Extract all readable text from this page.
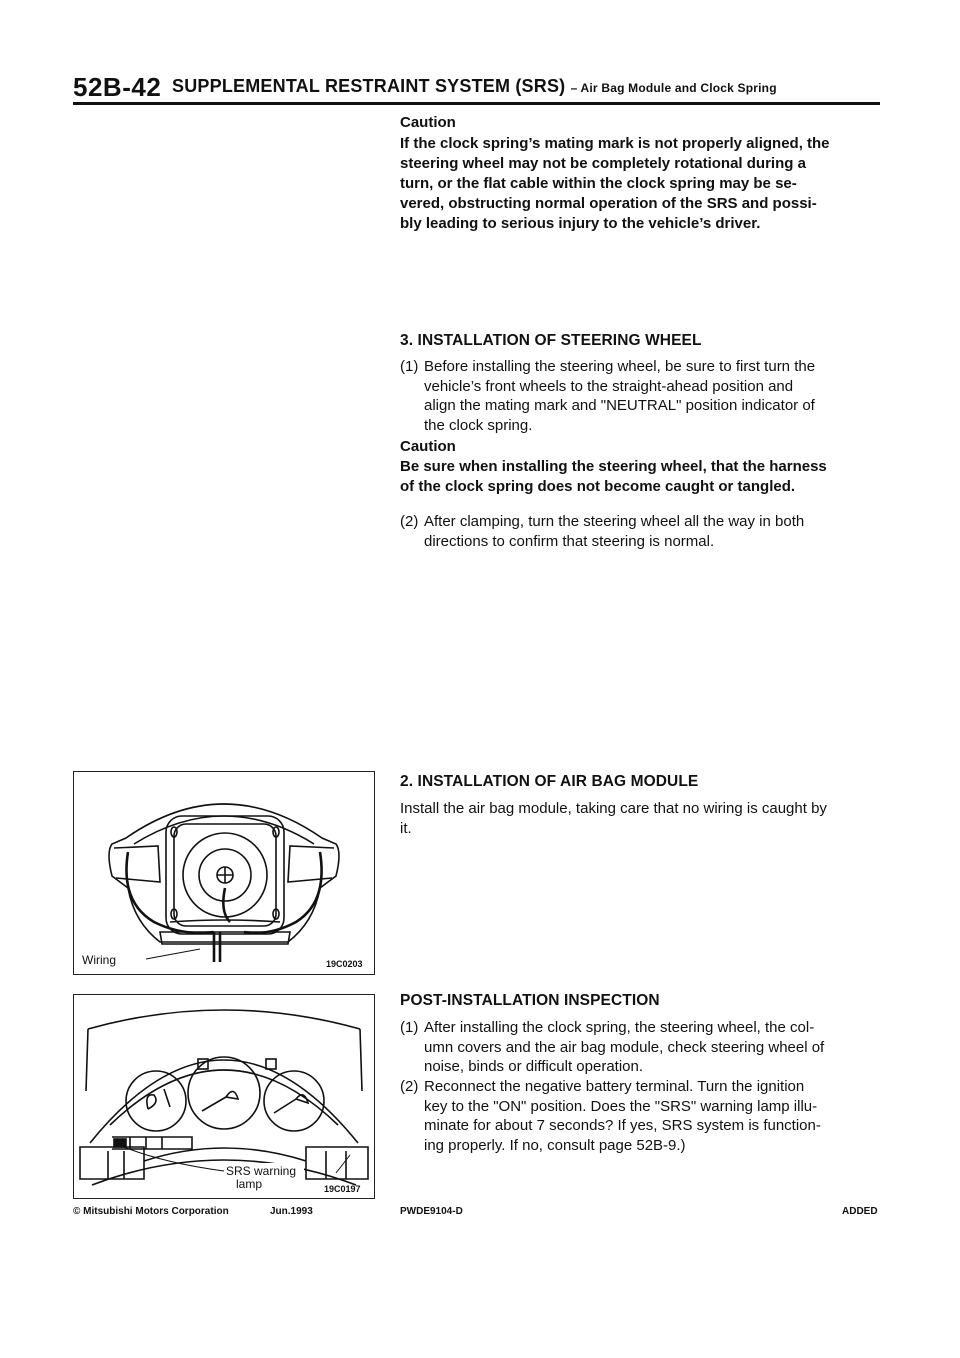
52B-42 SUPPLEMENTAL RESTRAINT SYSTEM (SRS) – Air Bag Module and Clock Spring
Caution
If the clock spring’s mating mark is not properly aligned, the
steering wheel may not be completely rotational during a
turn, or the flat cable within the clock spring may be se-
vered, obstructing normal operation of the SRS and possi-
bly leading to serious injury to the vehicle’s driver.
3. INSTALLATION OF STEERING WHEEL
(1) Before installing the steering wheel, be sure to first turn the
vehicle’s front wheels to the straight-ahead position and
align the mating mark and "NEUTRAL" position indicator of
the clock spring.
Caution
Be sure when installing the steering wheel, that the harness
of the clock spring does not become caught or tangled.
(2) After clamping, turn the steering wheel all the way in both
directions to confirm that steering is normal.
2. INSTALLATION OF AIR BAG MODULE
Install the air bag module, taking care that no wiring is caught by
it.
POST-INSTALLATION INSPECTION
(1) After installing the clock spring, the steering wheel, the col-
umn covers and the air bag module, check steering wheel of
noise, binds or difficult operation.
(2) Reconnect the negative battery terminal. Turn the ignition
key to the "ON" position. Does the "SRS" warning lamp illu-
minate for about 7 seconds? If yes, SRS system is function-
ing properly. If no, consult page 52B-9.)
Wiring	19C0203
SRS warning
lamp	19C0197
© Mitsubishi Motors Corporation	Jun.1993	PWDE9104-D	ADDED
